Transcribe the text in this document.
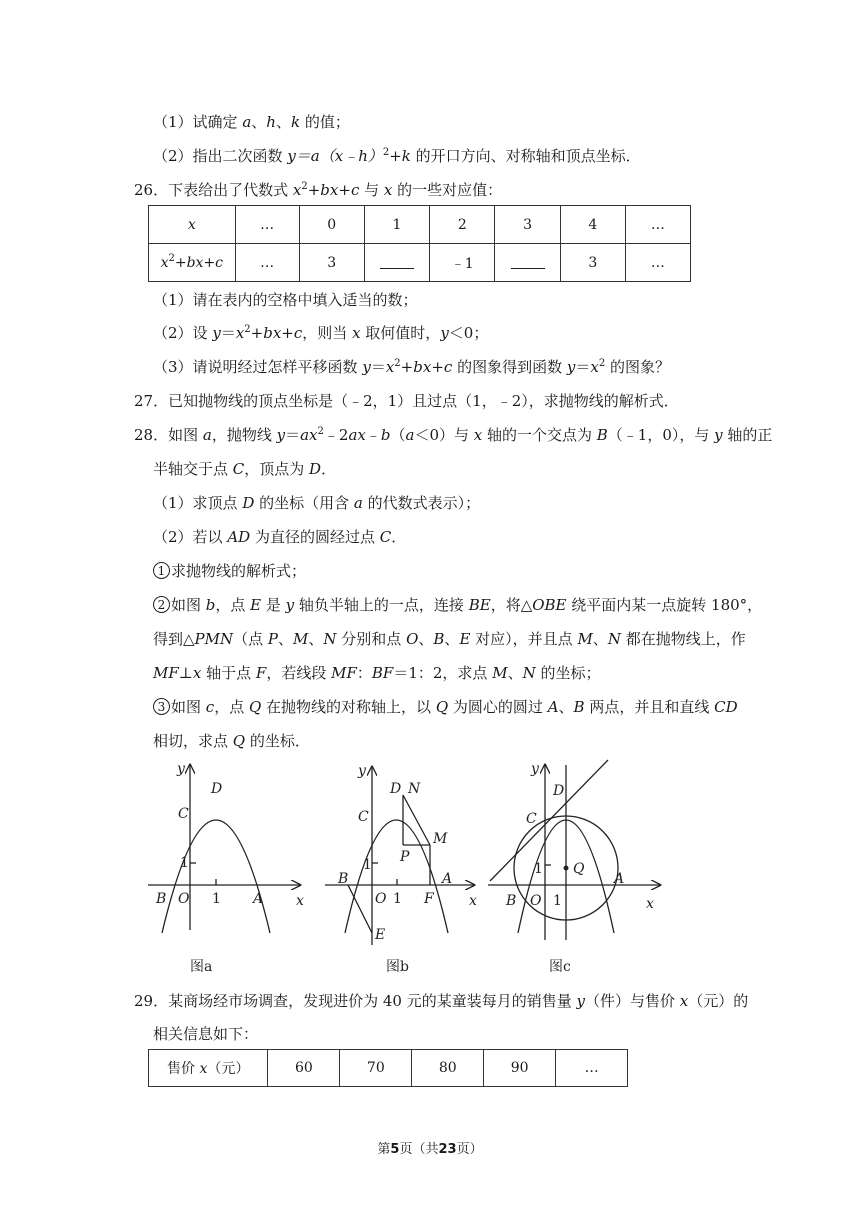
（1）试确定 a、h、k 的值；
（2）指出二次函数 y＝a（x﹣h）$^2$+k 的开口方向、对称轴和顶点坐标．
26．下表给出了代数式 $x^2+bx+c$ 与 x 的一些对应值：
x	…	0	1	2	3	4	…
$x^2+bx+c$	…	3		﹣1		3	…
（1）请在表内的空格中填入适当的数；
（2）设 $y=x^2+bx+c$，则当 x 取何值时，y＜0；
（3）请说明经过怎样平移函数 $y=x^2+bx+c$ 的图象得到函数 $y=x^2$ 的图象？
27．已知抛物线的顶点坐标是（﹣2，1）且过点（1，﹣2），求抛物线的解析式．
28．如图 a，抛物线 $y=ax^2﹣2ax﹣b(a<0)$与 x 轴的一个交点为 B（﹣1，0），与 y 轴的正
半轴交于点 C，顶点为 D．
（1）求顶点 D 的坐标（用含 a 的代数式表示）；
（2）若以 AD 为直径的圆经过点 C．
1 求抛物线的解析式；
2 如图 b，点 E 是 y 轴负半轴上的一点，连接 BE，将△OBE 绕平面内某一点旋转 180°，
得到△PMN（点 P、M、N 分别和点 O、B、E 对应），并且点 M、N 都在抛物线上，作
MF⊥x 轴于点 F，若线段 MF：BF＝1：2，求点 M、N 的坐标；
3 如图 c，点 Q 在抛物线的对称轴上，以 Q 为圆心的圆过 A、B 两点，并且和直线 CD
相切，求点 Q 的坐标．
y
D
C
1
B O 1 A x
图a
y
D N
C
M
P
1
B
O 1 F
A
x
E
图b
y
D
C
1 Q
B O 1
A
x
图c
29．某商场经市场调查，发现进价为 40 元的某童装每月的销售量 y（件）与售价 x（元）的
相关信息如下：
售价 x（元）	60	70	80	90	…
第5页（共23页）
